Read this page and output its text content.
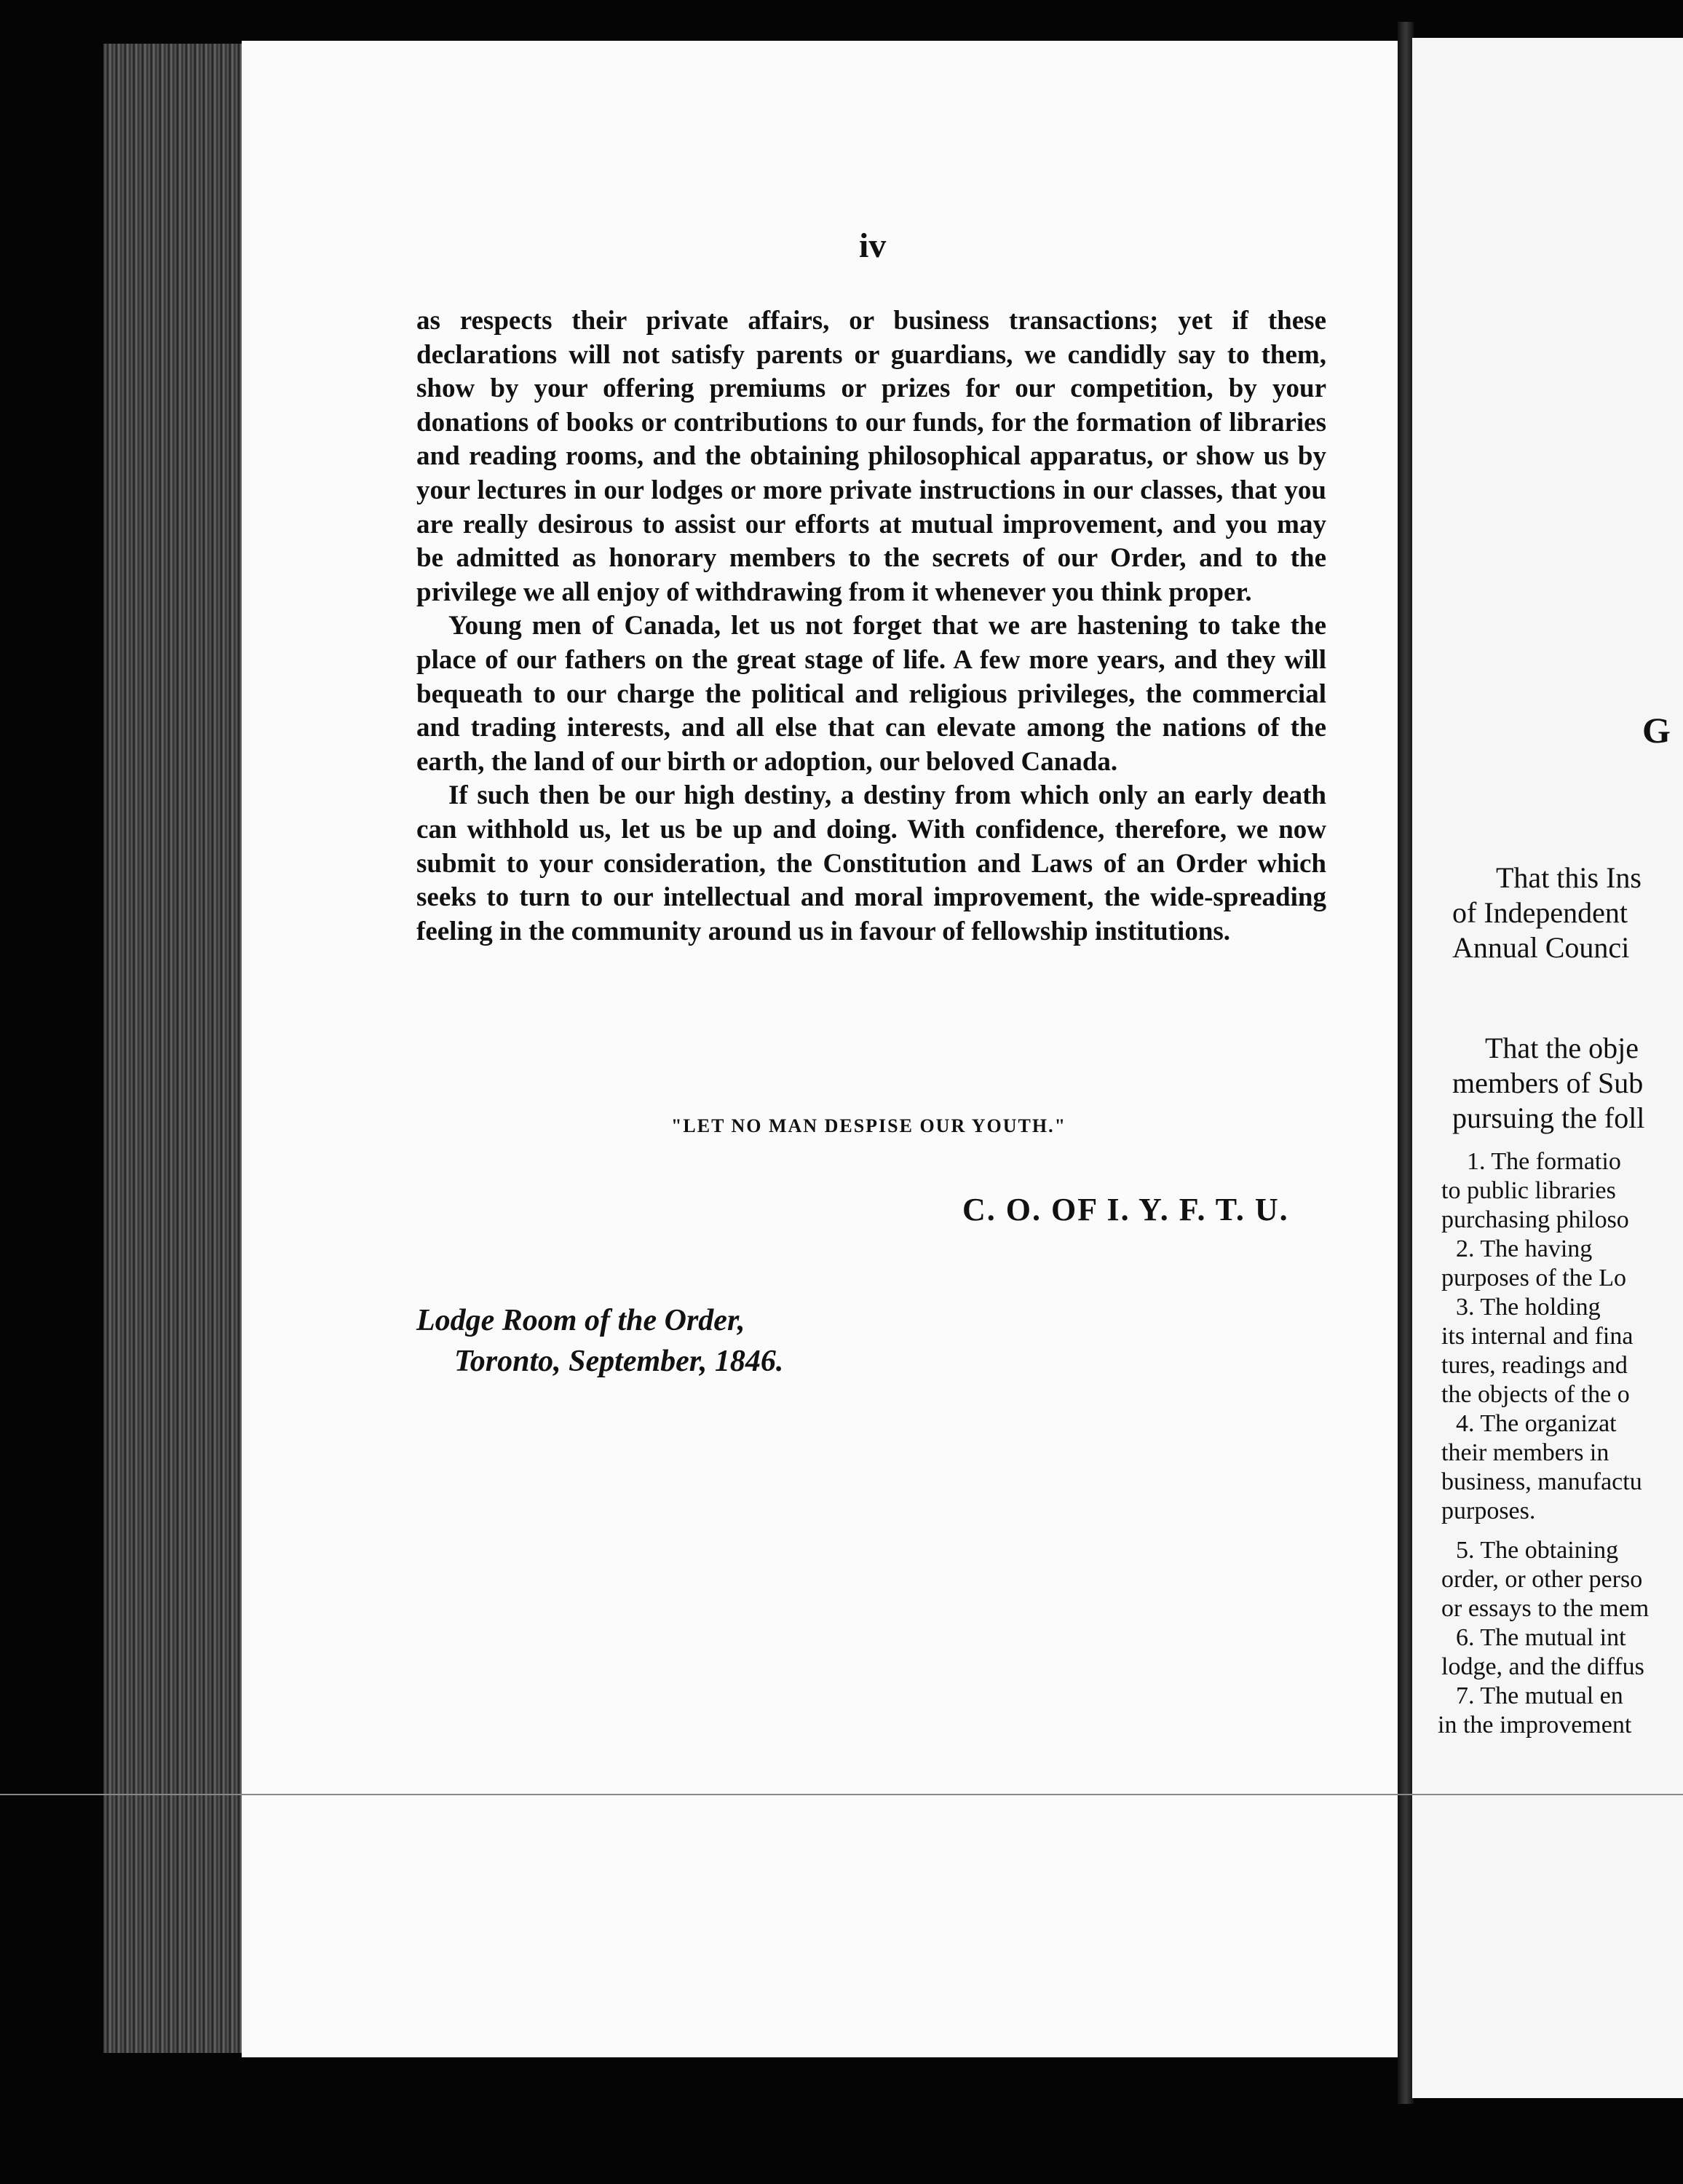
iv

as respects their private affairs, or business transactions; yet if these declarations will not satisfy parents or guardians, we candidly say to them, show by your offering premiums or prizes for our competition, by your donations of books or contributions to our funds, for the formation of libraries and reading rooms, and the obtaining philosophical apparatus, or show us by your lectures in our lodges or more private instructions in our classes, that you are really desirous to assist our efforts at mutual improvement, and you may be admitted as honorary members to the secrets of our Order, and to the privilege we all enjoy of withdrawing from it whenever you think proper.

Young men of Canada, let us not forget that we are hastening to take the place of our fathers on the great stage of life. A few more years, and they will bequeath to our charge the political and religious privileges, the commercial and trading interests, and all else that can elevate among the nations of the earth, the land of our birth or adoption, our beloved Canada.

If such then be our high destiny, a destiny from which only an early death can withhold us, let us be up and doing. With confidence, therefore, we now submit to your consideration, the Constitution and Laws of an Order which seeks to turn to our intellectual and moral improvement, the wide-spreading feeling in the community around us in favour of fellowship institutions.

"LET NO MAN DESPISE OUR YOUTH."
C. O. OF I. Y. F. T. U.
Lodge Room of the Order,
Toronto, September, 1846.
G
That this Ins
of Independent
Annual Counci
That the obje
members of Sub
pursuing the foll
1. The formatio
to public libraries
purchasing philoso
2. The having
purposes of the Lo
3. The holding
its internal and fina
tures, readings and
the objects of the o
4. The organizat
their members in
business, manufactu
purposes.
5. The obtaining
order, or other perso
or essays to the mem
6. The mutual int
lodge, and the diffus
7. The mutual en
in the improvement
